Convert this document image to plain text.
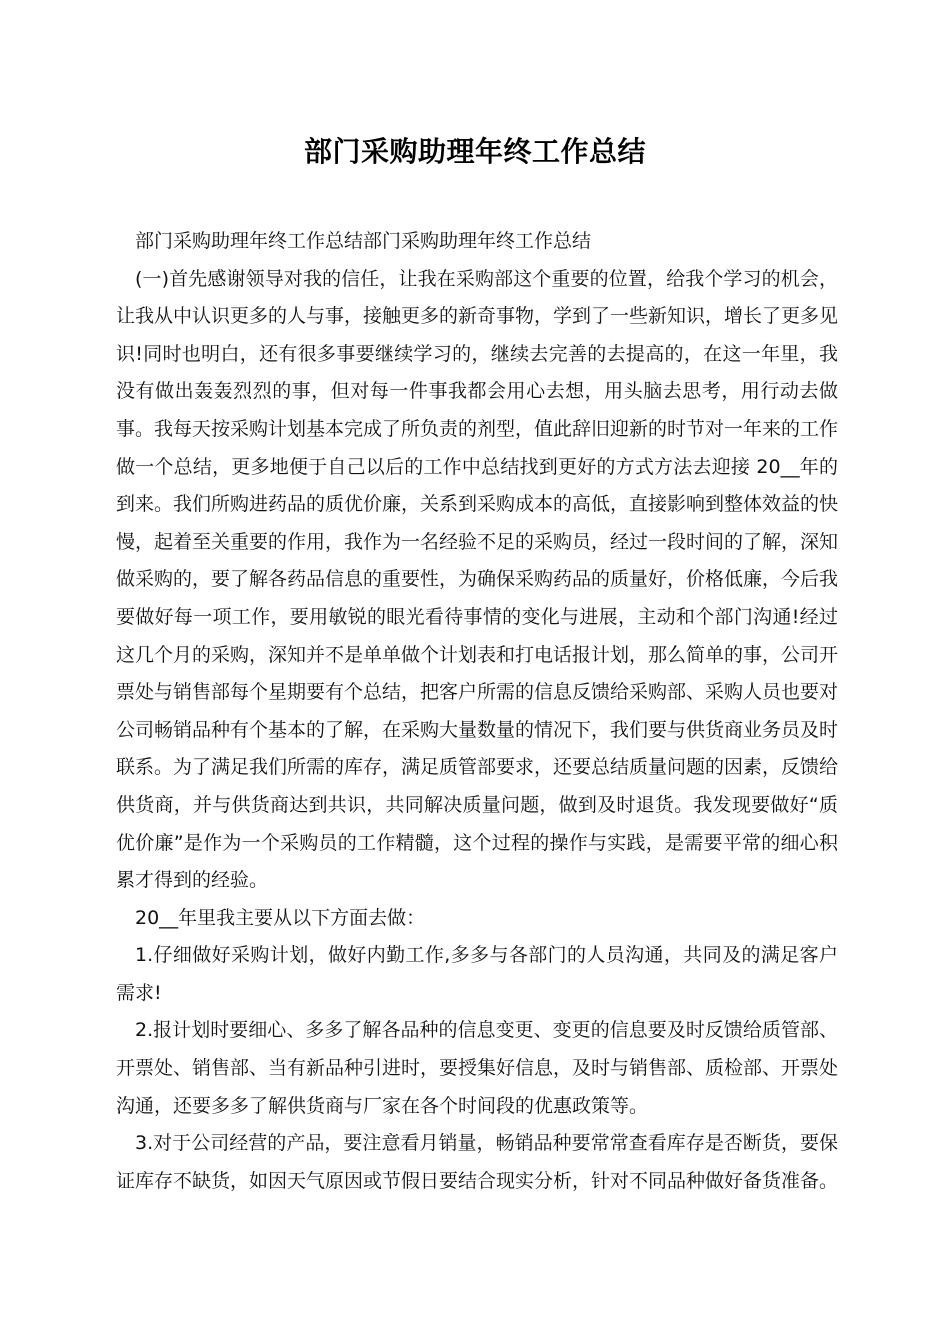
部门采购助理年终工作总结

部门采购助理年终工作总结部门采购助理年终工作总结

(一)首先感谢领导对我的信任，让我在采购部这个重要的位置，给我个学习的机会，让我从中认识更多的人与事，接触更多的新奇事物，学到了一些新知识，增长了更多见识!同时也明白，还有很多事要继续学习的，继续去完善的去提高的，在这一年里，我没有做出轰轰烈烈的事，但对每一件事我都会用心去想，用头脑去思考，用行动去做事。我每天按采购计划基本完成了所负责的剂型，值此辞旧迎新的时节对一年来的工作做一个总结，更多地便于自己以后的工作中总结找到更好的方式方法去迎接 20__年的到来。我们所购进药品的质优价廉，关系到采购成本的高低，直接影响到整体效益的快慢，起着至关重要的作用，我作为一名经验不足的采购员，经过一段时间的了解，深知做采购的，要了解各药品信息的重要性，为确保采购药品的质量好，价格低廉，今后我要做好每一项工作，要用敏锐的眼光看待事情的变化与进展，主动和个部门沟通!经过这几个月的采购，深知并不是单单做个计划表和打电话报计划，那么简单的事，公司开票处与销售部每个星期要有个总结，把客户所需的信息反馈给采购部、采购人员也要对公司畅销品种有个基本的了解，在采购大量数量的情况下，我们要与供货商业务员及时联系。为了满足我们所需的库存，满足质管部要求，还要总结质量问题的因素，反馈给供货商，并与供货商达到共识，共同解决质量问题，做到及时退货。我发现要做好“质优价廉”是作为一个采购员的工作精髓，这个过程的操作与实践，是需要平常的细心积累才得到的经验。

20__年里我主要从以下方面去做：

1.仔细做好采购计划，做好内勤工作,多多与各部门的人员沟通，共同及的满足客户需求!

2.报计划时要细心、多多了解各品种的信息变更、变更的信息要及时反馈给质管部、开票处、销售部、当有新品种引进时，要授集好信息，及时与销售部、质检部、开票处沟通，还要多多了解供货商与厂家在各个时间段的优惠政策等。

3.对于公司经营的产品，要注意看月销量，畅销品种要常常查看库存是否断货，要保证库存不缺货，如因天气原因或节假日要结合现实分析，针对不同品种做好备货准备。
